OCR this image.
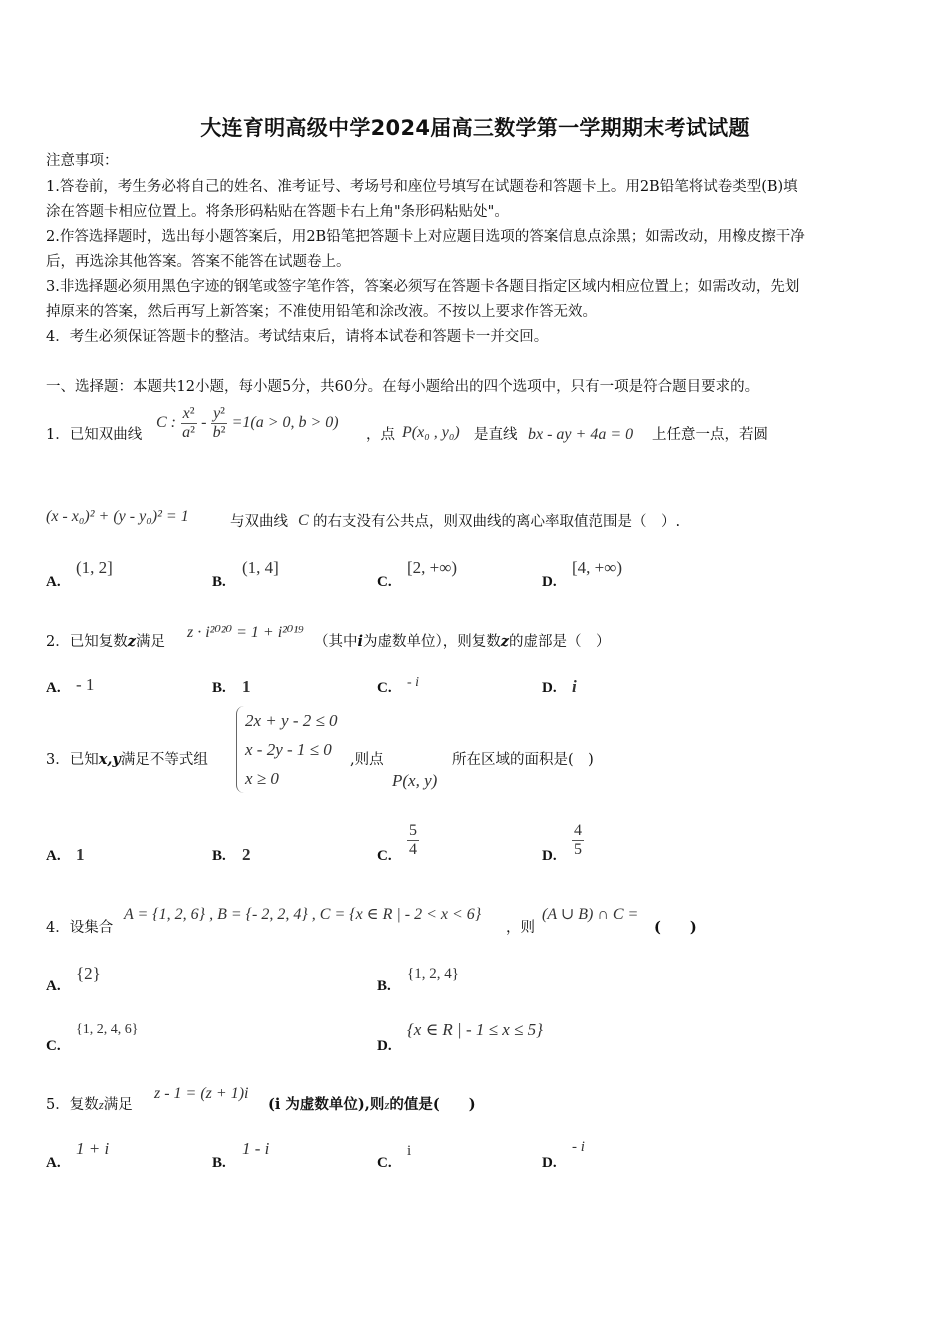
大连育明高级中学2024届高三数学第一学期期末考试试题
注意事项：
1.答卷前，考生务必将自己的姓名、准考证号、考场号和座位号填写在试题卷和答题卡上。用2B铅笔将试卷类型(B)填
涂在答题卡相应位置上。将条形码粘贴在答题卡右上角"条形码粘贴处"。
2.作答选择题时，选出每小题答案后，用2B铅笔把答题卡上对应题目选项的答案信息点涂黑；如需改动，用橡皮擦干净
后，再选涂其他答案。答案不能答在试题卷上。
3.非选择题必须用黑色字迹的钢笔或签字笔作答，答案必须写在答题卡各题目指定区域内相应位置上；如需改动，先划
掉原来的答案，然后再写上新答案；不准使用铅笔和涂改液。不按以上要求作答无效。
4．考生必须保证答题卡的整洁。考试结束后，请将本试卷和答题卡一并交回。
一、选择题：本题共12小题，每小题5分，共60分。在每小题给出的四个选项中，只有一项是符合题目要求的。
1．已知双曲线
C : $\frac{\text{x²}}{\text{a²}} - \frac{\text{y²}}{\text{b²}} =1(a > 0$, b > 0)
，点 P(x₀ , y₀) 是直线 bx - ay + 4a = 0 上任意一点，若圆
(x - x₀)² + (y - y₀)² = 1	与双曲线 C 的右支没有公共点，则双曲线的离心率取值范围是（　）.
A.
(1, 2]
B.
(1, 4]
C.
[2, +∞)
D.
[4, +∞)
2．已知复数z满足
z · i²⁰²⁰ = 1 + i²⁰¹⁹
（其中i为虚数单位），则复数z的虚部是（　）
A. - 1	B. 1	C. - i	D. i
3．已知x,y满足不等式组
2x + y - 2 ≤ 0
x - 2y - 1 ≤ 0
x ≥ 0
,则点
P(x, y)
所在区域的面积是(　)
A. 1	B. 2	C. $\frac{5}{4}$	D. $\frac{4}{5}$
4．设集合
A = {1, 2, 6} , B = {- 2, 2, 4} , C = {x ∈ R | - 2 < x < 6}
，则
(A ∪ B) ∩ C =
(　　)
A.
{2}
B.
{1, 2, 4}
C.
{1, 2, 4, 6}
D.
{x ∈ R | - 1 ≤ x ≤ 5}
5．复数z满足
z - 1 = (z + 1)i
(i 为虚数单位),则z的值是(　　)
A.
1 + i
B.
1 - i
C.
i
D.
- i
